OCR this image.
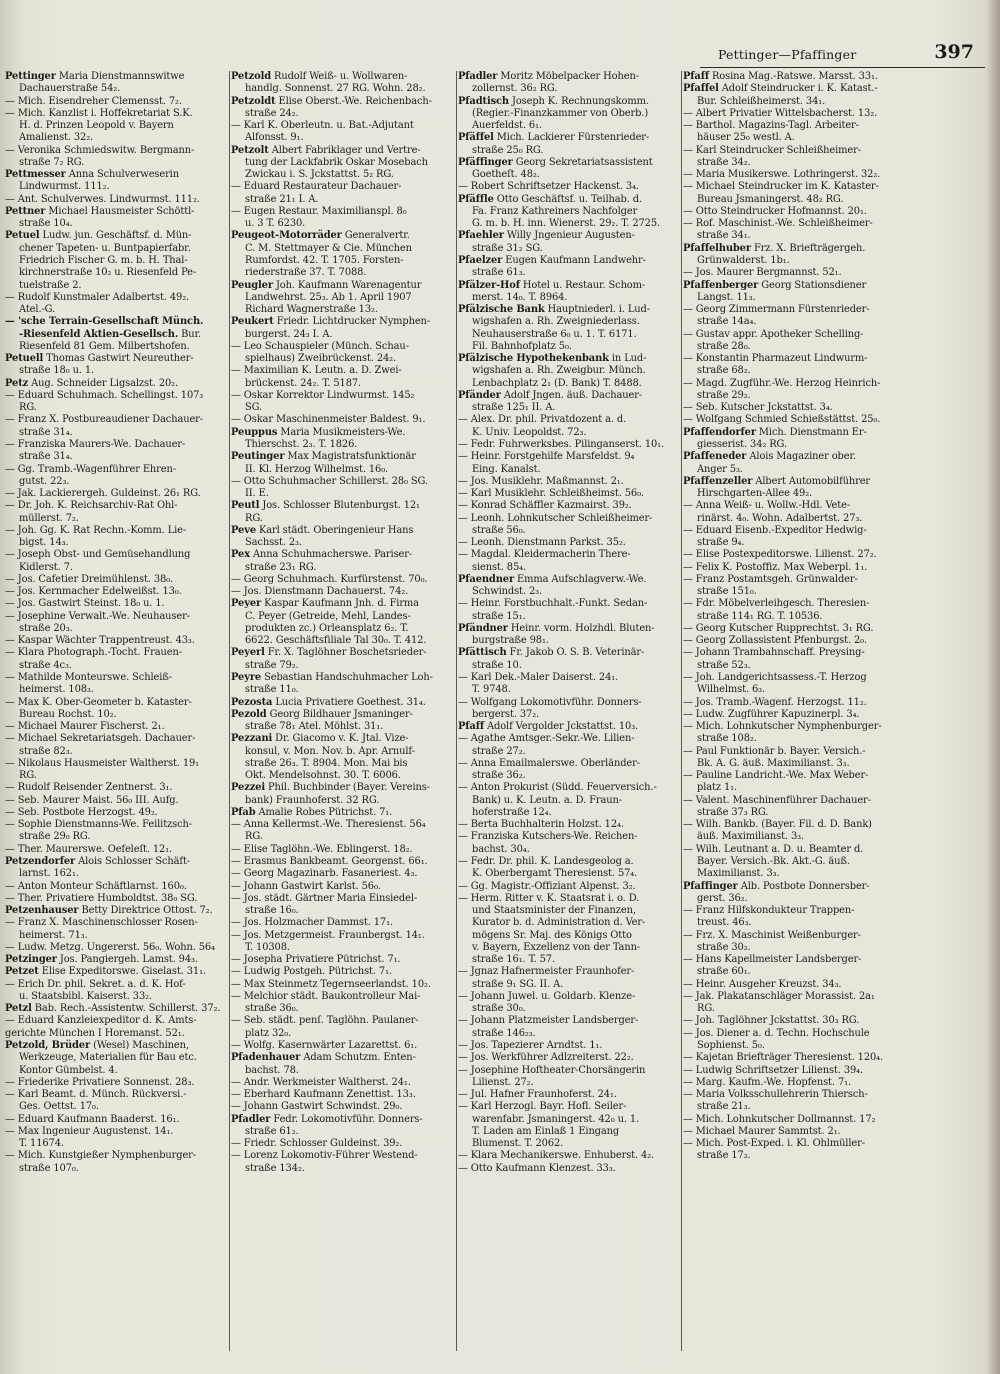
Pettinger—Pfaffinger	397
Pettinger Maria Dienstmannswitwe
Dachauerstraße 54₂.
— Mich. Eisendreher Clemensst. 7₂.
— Mich. Kanzlist i. Hoffekretariat S.K.
H. d. Prinzen Leopold v. Bayern
Amalienst. 32₂.
— Veronika Schmiedswitw. Bergmann-
straße 7₂ RG.
Pettmesser Anna Schulverweserin
Lindwurmst. 111₂.
— Ant. Schulverwes. Lindwurmst. 111₂.
Pettner Michael Hausmeister Schöttl-
straße 10₄.
Petuel Ludw. jun. Geschäftsf. d. Mün-
chener Tapeten- u. Buntpapierfabr.
Friedrich Fischer G. m. b. H. Thal-
kirchnerstraße 10₂ u. Riesenfeld Pe-
tuelstraße 2.
— Rudolf Kunstmaler Adalbertst. 49₂.
Atel.-G.
— 'sche Terrain-Gesellschaft Münch.
-Riesenfeld Aktien-Gesellsch. Bur.
Riesenfeld 81 Gem. Milbertshofen.
Petuell Thomas Gastwirt Neureuther-
straße 18₀ u. 1.
Petz Aug. Schneider Ligsalzst. 20₂.
— Eduard Schuhmach. Schellingst. 107₃
RG.
— Franz X. Postbureaudiener Dachauer-
straße 31₄.
— Franziska Maurers-We. Dachauer-
straße 31₄.
— Gg. Tramb.-Wagenführer Ehren-
gutst. 22₃.
— Jak. Lackierergeh. Guldeinst. 26₁ RG.
— Dr. Joh. K. Reichsarchiv-Rat Ohl-
müllerst. 7₂.
— Joh. Gg. K. Rat Rechn.-Komm. Lie-
bigst. 14₃.
— Joseph Obst- und Gemüsehandlung
Kidlerst. 7.
— Jos. Cafetier Dreimühlenst. 38₀.
— Jos. Kernmacher Edelweißst. 13₀.
— Jos. Gastwirt Steinst. 18₀ u. 1.
— Josephine Verwalt.-We. Neuhauser-
straße 20₃.
— Kaspar Wächter Trappentreust. 43₃.
— Klara Photograph.-Tocht. Frauen-
straße 4c₃.
— Mathilde Monteurswe. Schleiß-
heimerst. 108₃.
— Max K. Ober-Geometer b. Kataster-
Bureau Rochst. 10₂.
— Michael Maurer Fischerst. 2₁.
— Michael Sekretariatsgeh. Dachauer-
straße 82₃.
— Nikolaus Hausmeister Waltherst. 19₁
RG.
— Rudolf Reisender Zentnerst. 3₁.
— Seb. Maurer Maist. 56₀ III. Aufg.
— Seb. Postbote Herzogst. 49₂.
— Sophie Dienstmanns-We. Feilitzsch-
straße 29₀ RG.
— Ther. Maurerswe. Oefeleſt. 12₁.
Petzendorfer Alois Schlosser Schäft-
larnst. 162₁.
— Anton Monteur Schäftlarnst. 160₀.
— Ther. Privatiere Humboldtst. 38₀ SG.
Petzenhauser Betty Direktrice Ottost. 7₂.
— Franz X. Maschinenschlosser Rosen-
heimerst. 71₃.
— Ludw. Metzg. Ungererst. 56₀. Wohn. 56₄
Petzinger Jos. Pangiergeh. Lamst. 94₃.
Petzet Elise Expeditorswe. Giselast. 31₁.
— Erich Dr. phil. Sekret. a. d. K. Hof-
u. Staatsbibl. Kaiserst. 33₂.
Petzl Bab. Rech.-Assistentw. Schillerst. 37₂.
— Eduard Kanzleiexpeditor d. K. Amts-
gerichte München I Horemanst. 52₁.
Petzold, Brüder (Wesel) Maschinen,
Werkzeuge, Materialien für Bau etc.
Kontor Gümbelst. 4.
— Friederike Privatiere Sonnenst. 28₃.
— Karl Beamt. d. Münch. Rückversi.-
Ges. Oettst. 17₀.
— Eduard Kaufmann Baaderst. 16₁.
— Max Ingenieur Augustenst. 14₁.
T. 11674.
— Mich. Kunstgießer Nymphenburger-
straße 107₀.
Petzold Rudolf Weiß- u. Wollwaren-
handlg. Sonnenst. 27 RG. Wohn. 28₂.
Petzoldt Elise Oberst.-We. Reichenbach-
straße 24₂.
— Karl K. Oberleutn. u. Bat.-Adjutant
Alfonsst. 9₁.
Petzolt Albert Fabriklager und Vertre-
tung der Lackfabrik Oskar Mosebach
Zwickau i. S. Jckstattst. 5₂ RG.
— Eduard Restaurateur Dachauer-
straße 21₁ I. A.
— Eugen Restaur. Maximilianspl. 8₀
u. 3 T. 6230.
Peugeot-Motorräder Generalvertr.
C. M. Stettmayer & Cie. München
Rumfordst. 42. T. 1705. Forsten-
riederstraße 37. T. 7088.
Peugler Joh. Kaufmann Warenagentur
Landwehrst. 25₃. Ab 1. April 1907
Richard Wagnerstraße 13₂.
Peukert Friedr. Lichtdrucker Nymphen-
burgerst. 24₃ I. A.
— Leo Schauspieler (Münch. Schau-
spielhaus) Zweibrückenst. 24₂.
— Maximilian K. Leutn. a. D. Zwei-
brückenst. 24₂. T. 5187.
— Oskar Korrektor Lindwurmst. 145₂
SG.
— Oskar Maschinenmeister Baldest. 9₁.
Peuppus Maria Musikmeisters-We.
Thierschst. 2₃. T. 1826.
Peutinger Max Magistratsfunktionär
II. Kl. Herzog Wilhelmst. 16₀.
— Otto Schuhmacher Schillerst. 28₀ SG.
II. E.
Peutl Jos. Schlosser Blutenburgst. 12₁
RG.
Peve Karl städt. Oberingenieur Hans
Sachsst. 2₃.
Pex Anna Schuhmacherswe. Pariser-
straße 23₁ RG.
— Georg Schuhmach. Kurfürstenst. 70₀.
— Jos. Dienstmann Dachauerst. 74₂.
Peyer Kaspar Kaufmann Jnh. d. Firma
C. Peyer (Getreide, Mehl, Landes-
produkten zc.) Orleansplatz 6₂. T.
6622. Geschäftsfiliale Tal 30₀. T. 412.
Peyerl Fr. X. Taglöhner Boschetsrieder-
straße 79₂.
Peyre Sebastian Handschuhmacher Loh-
straße 11₀.
Pezosta Lucia Privatiere Goethest. 31₄.
Pezold Georg Bildhauer Jsmaninger-
straße 78₁ Atel. Möhlst. 31₁.
Pezzani Dr. Giacomo v. K. Jtal. Vize-
konsul, v. Mon. Nov. b. Apr. Arnulf-
straße 26₃. T. 8904. Mon. Mai bis
Okt. Mendelsohnst. 30. T. 6006.
Pezzei Phil. Buchbinder (Bayer. Vereins-
bank) Fraunhoferst. 32 RG.
Pfab Amalie Robes Pütrichst. 7₁.
— Anna Kellermst.-We. Theresienst. 56₄
RG.
— Elise Taglöhn.-We. Eblingerst. 18₂.
— Erasmus Bankbeamt. Georgenst. 66₁.
— Georg Magazinarb. Fasaneriest. 4₃.
— Johann Gastwirt Karlst. 56₀.
— Jos. städt. Gärtner Maria Einsiedel-
straße 16₀.
— Jos. Holzmacher Dammst. 17₁.
— Jos. Metzgermeist. Fraunbergst. 14₁.
T. 10308.
— Josepha Privatiere Pütrichst. 7₁.
— Ludwig Postgeh. Pütrichst. 7₁.
— Max Steinmetz Tegernseerlandst. 10₂.
— Melchior städt. Baukontrolleur Mai-
straße 36₀.
— Seb. städt. penſ. Taglöhn. Paulaner-
platz 32₀.
— Wolfg. Kasernwärter Lazarettst. 6₁.
Pfadenhauer Adam Schutzm. Enten-
bachst. 78.
— Andr. Werkmeister Waltherst. 24₁.
— Eberhard Kaufmann Zenettist. 13₃.
— Johann Gastwirt Schwindst. 29₀.
Pfadler Fedr. Lokomotivführ. Donners-
straße 61₂.
— Friedr. Schlosser Guldeinst. 39₂.
— Lorenz Lokomotiv-Führer Westend-
straße 134₂.
Pfadler Moritz Möbelpacker Hohen-
zollernst. 36₂ RG.
Pfadtisch Joseph K. Rechnungskomm.
(Regier.-Finanzkammer von Oberb.)
Auerfeldst. 6₁.
Pfäffel Mich. Lackierer Fürstenrieder-
straße 25₀ RG.
Pfäffinger Georg Sekretariatsassistent
Goetheſt. 48₂.
— Robert Schriftsetzer Hackenst. 3₄.
Pfäffle Otto Geschäftsf. u. Teilhab. d.
Fa. Franz Kathreiners Nachfolger
G. m. b. H. inn. Wienerst. 29₂. T. 2725.
Pfaehler Willy Jngenieur Augusten-
straße 31₂ SG.
Pfaelzer Eugen Kaufmann Landwehr-
straße 61₃.
Pfälzer-Hof Hotel u. Restaur. Schom-
merst. 14₀. T. 8964.
Pfälzische Bank Hauptniederl. i. Lud-
wigshafen a. Rh. Zweigniederlass.
Neuhauserstraße 6₀ u. 1. T. 6171.
Fil. Bahnhofplatz 5₀.
Pfälzische Hypothekenbank in Lud-
wigshafen a. Rh. Zweigbur. Münch.
Lenbachplatz 2₁ (D. Bank) T. 8488.
Pfänder Adolf Jngen. äuß. Dachauer-
straße 125₁ II. A.
— Alex. Dr. phil. Privatdozent a. d.
K. Univ. Leopoldst. 72₃.
— Fedr. Fuhrwerksbes. Pilinganserst. 10₁.
— Heinr. Forstgehilfe Marsfeldst. 9₄
Eing. Kanalst.
— Jos. Musiklehr. Maßmannst. 2₁.
— Karl Musiklehr. Schleißheimst. 56₀.
— Konrad Schäffler Kazmairst. 39₂.
— Leonh. Lohnkutscher Schleißheimer-
straße 56₀.
— Leonh. Dienstmann Parkst. 35₂.
— Magdal. Kleidermacherin There-
sienst. 85₄.
Pfaendner Emma Aufschlagverw.-We.
Schwindst. 2₃.
— Heinr. Forstbuchhalt.-Funkt. Sedan-
straße 15₁.
Pfändner Heinr. vorm. Holzhdl. Bluten-
burgstraße 98₁.
Pfättisch Fr. Jakob O. S. B. Veterinär-
straße 10.
— Karl Dek.-Maler Daiserst. 24₁.
T. 9748.
— Wolfgang Lokomotivführ. Donners-
bergerst. 37₂.
Pfaff Adolf Vergolder Jckstattst. 10₃.
— Agathe Amtsger.-Sekr.-We. Lilien-
straße 27₂.
— Anna Emailmalerswe. Oberländer-
straße 36₂.
— Anton Prokurist (Südd. Feuerversich.-
Bank) u. K. Leutn. a. D. Fraun-
hoferstraße 12₄.
— Berta Buchhalterin Holzst. 12₄.
— Franziska Kutschers-We. Reichen-
bachst. 30₄.
— Fedr. Dr. phil. K. Landesgeolog a.
K. Oberbergamt Theresienst. 57₄.
— Gg. Magistr.-Offiziant Alpenst. 3₂.
— Herm. Ritter v. K. Staatsrat i. o. D.
und Staatsminister der Finanzen,
Kurator b. d. Administration d. Ver-
mögens Sr. Maj. des Königs Otto
v. Bayern, Exzellenz von der Tann-
straße 16₁. T. 57.
— Jgnaz Hafnermeister Fraunhofer-
straße 9₁ SG. II. A.
— Johann Juwel. u. Goldarb. Klenze-
straße 30₀.
— Johann Platzmeister Landsberger-
straße 146₂₃.
— Jos. Tapezierer Arndtst. 1₁.
— Jos. Werkführer Adlzreiterst. 22₂.
— Josephine Hoftheater-Chorsängerin
Lilienst. 27₂.
— Jul. Hafner Fraunhoferst. 24₁.
— Karl Herzogl. Bayr. Hofl. Seiler-
warenfabr. Jsmaningerst. 42₀ u. 1.
T. Laden am Einlaß 1 Eingang
Blumenst. T. 2062.
— Klara Mechanikerswe. Enhuberst. 4₂.
— Otto Kaufmann Klenzest. 33₃.
Pfaff Rosina Mag.-Ratswe. Marsst. 33₁.
Pfaffel Adolf Steindrucker i. K. Katast.-
Bur. Schleißheimerst. 34₁.
— Albert Privatier Wittelsbacherst. 13₂.
— Barthol. Magazins-Tagl. Arbeiter-
häuser 25₀ westl. A.
— Karl Steindrucker Schleißheimer-
straße 34₂.
— Maria Musikerswe. Lothringerst. 32₂.
— Michael Steindrucker im K. Kataster-
Bureau Jsmaningerst. 48₂ RG.
— Otto Steindrucker Hofmannst. 20₁.
— Rof. Maschinist.-We. Schleißheimer-
straße 34₁.
Pfaffelhuber Frz. X. Briefträgergeh.
Grünwalderst. 1b₁.
— Jos. Maurer Bergmannst. 52₁.
Pfaffenberger Georg Stationsdiener
Langst. 11₃.
— Georg Zimmermann Fürstenrieder-
straße 14a₄.
— Gustav appr. Apotheker Schelling-
straße 28₀.
— Konstantin Pharmazeut Lindwurm-
straße 68₂.
— Magd. Zugführ.-We. Herzog Heinrich-
straße 29₂.
— Seb. Kutscher Jckstattst. 3₄.
— Wolfgang Schmied Schießstättst. 25₀.
Pfaffendorfer Mich. Dienstmann Er-
giesserist. 34₂ RG.
Pfaffeneder Alois Magaziner ober.
Anger 5₃.
Pfaffenzeller Albert Automobilführer
Hirschgarten-Allee 49₂.
— Anna Weiß- u. Wollw.-Hdl. Vete-
rinärst. 4₀. Wohn. Adalbertst. 27₃.
— Eduard Eisenb.-Expeditor Hedwig-
straße 9₄.
— Elise Postexpeditorswe. Lilienst. 27₂.
— Felix K. Postoffiz. Max Weberpl. 1₁.
— Franz Postamtsgeh. Grünwalder-
straße 151₀.
— Fdr. Möbelverleihgesch. Theresien-
straße 114₁ RG. T. 10536.
— Georg Kutscher Rupprechtst. 3₁ RG.
— Georg Zollassistent Pfenburgst. 2₀.
— Johann Trambahnschaff. Preysing-
straße 52₃.
— Joh. Landgerichtsassess.-T. Herzog
Wilhelmst. 6₃.
— Jos. Tramb.-Wagenf. Herzogst. 11₂.
— Ludw. Zugführer Kapuzinerpl. 3₄.
— Mich. Lohnkutscher Nymphenburger-
straße 108₂.
— Paul Funktionär b. Bayer. Versich.-
Bk. A. G. äuß. Maximilianst. 3₃.
— Pauline Landricht.-We. Max Weber-
platz 1₁.
— Valent. Maschinenführer Dachauer-
straße 37₃ RG.
— Wilh. Bankb. (Bayer. Fil. d. D. Bank)
äuß. Maximilianst. 3₃.
— Wilh. Leutnant a. D. u. Beamter d.
Bayer. Versich.-Bk. Akt.-G. äuß.
Maximilianst. 3₃.
Pfaffinger Alb. Postbote Donnersber-
gerst. 36₂.
— Franz Hilfskondukteur Trappen-
treust. 46₃.
— Frz. X. Maschinist Weißenburger-
straße 30₂.
— Hans Kapellmeister Landsberger-
straße 60₁.
— Heinr. Ausgeher Kreuzst. 34₃.
— Jak. Plakatanschläger Morassist. 2a₁
RG.
— Joh. Taglöhner Jckstattst. 30₃ RG.
— Jos. Diener a. d. Techn. Hochschule
Sophienst. 5₀.
— Kajetan Briefträger Theresienst. 120₄.
— Ludwig Schriftsetzer Lilienst. 39₄.
— Marg. Kaufm.-We. Hopfenst. 7₁.
— Maria Volksschullehrerin Thiersch-
straße 21₃.
— Mich. Lohnkutscher Dollmannst. 17₂
— Michael Maurer Sammtst. 2₁.
— Mich. Post-Exped. i. Kl. Ohlmüller-
straße 17₂.
